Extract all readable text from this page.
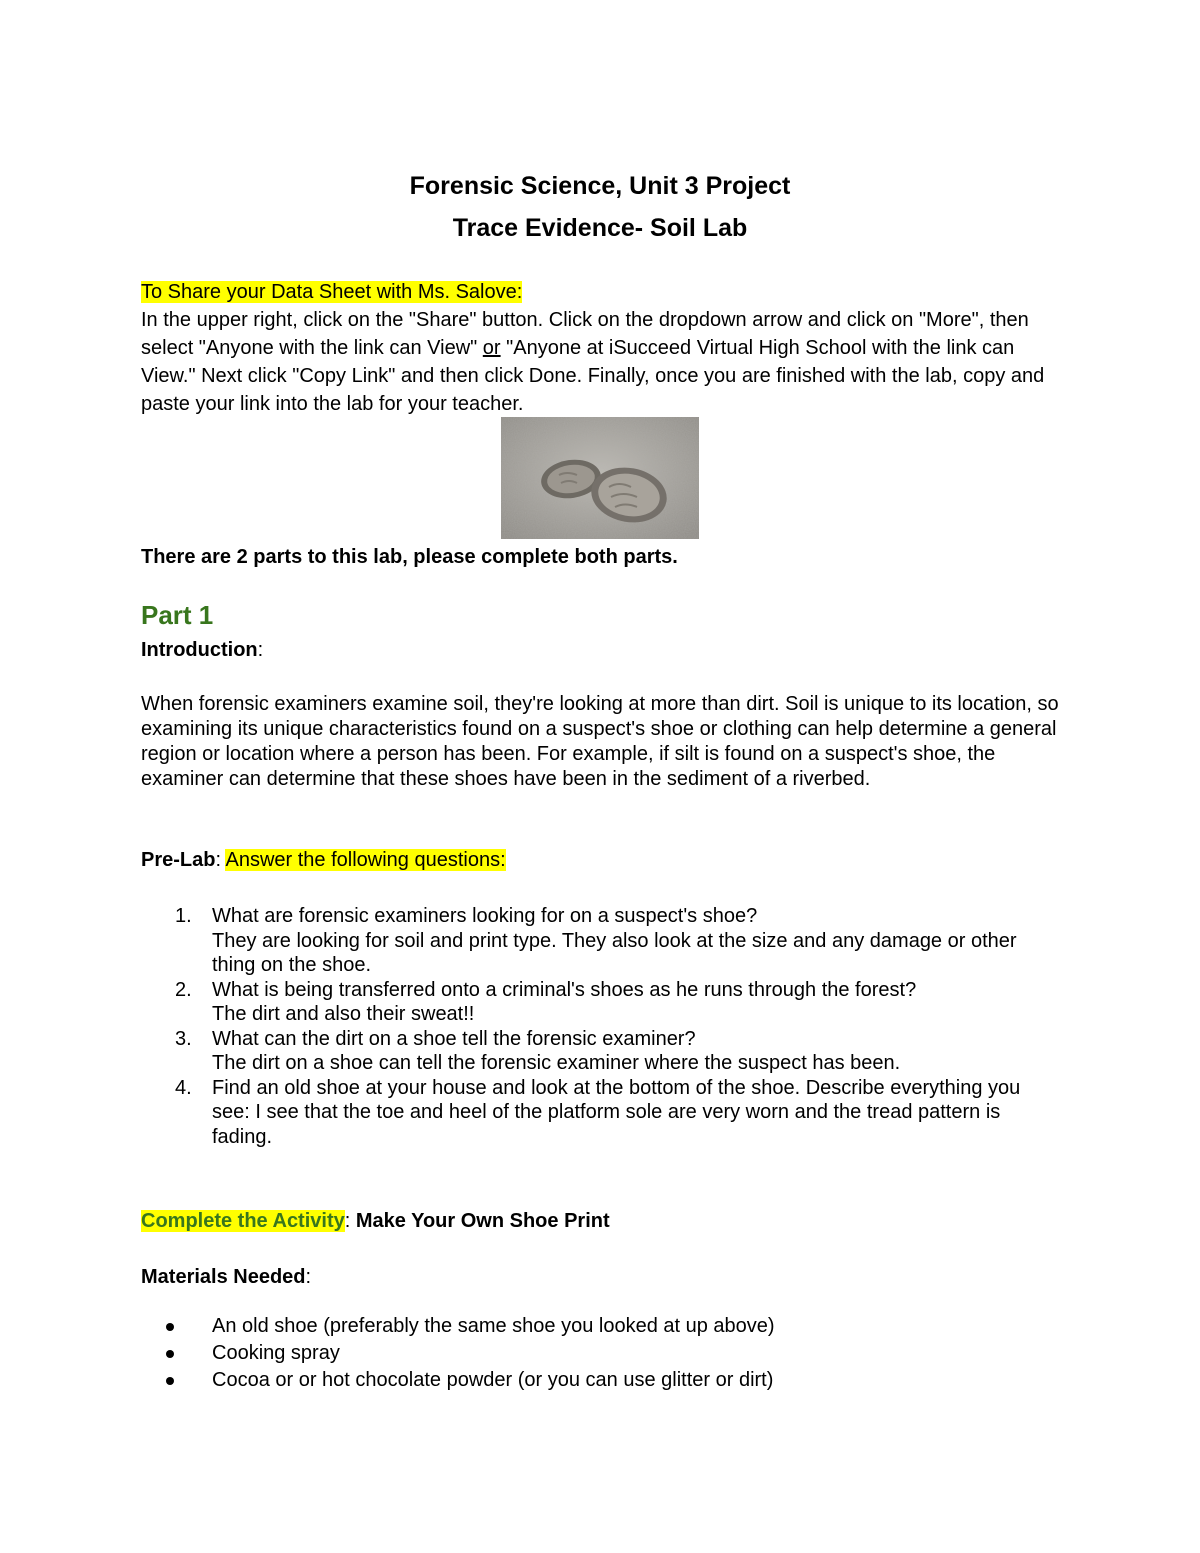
Forensic Science, Unit 3 Project
Trace Evidence- Soil Lab
To Share your Data Sheet with Ms. Salove:
In the upper right, click on the "Share" button. Click on the dropdown arrow and click on "More", then select "Anyone with the link can View" or "Anyone at iSucceed Virtual High School with the link can View." Next click "Copy Link" and then click Done. Finally, once you are finished with the lab, copy and paste your link into the lab for your teacher.
There are 2 parts to this lab, please complete both parts.
Part 1
Introduction:
When forensic examiners examine soil, they're looking at more than dirt. Soil is unique to its location, so examining its unique characteristics found on a suspect's shoe or clothing can help determine a general region or location where a person has been. For example, if silt is found on a suspect's shoe, the examiner can determine that these shoes have been in the sediment of a riverbed.
Pre-Lab: Answer the following questions:
1. What are forensic examiners looking for on a suspect's shoe?
They are looking for soil and print type. They also look at the size and any damage or other thing on the shoe.
2. What is being transferred onto a criminal's shoes as he runs through the forest?
The dirt and also their sweat!!
3. What can the dirt on a shoe tell the forensic examiner?
The dirt on a shoe can tell the forensic examiner where the suspect has been.
4. Find an old shoe at your house and look at the bottom of the shoe. Describe everything you see: I see that the toe and heel of the platform sole are very worn and the tread pattern is fading.
Complete the Activity: Make Your Own Shoe Print
Materials Needed:
An old shoe (preferably the same shoe you looked at up above)
Cooking spray
Cocoa or or hot chocolate powder (or you can use glitter or dirt)
